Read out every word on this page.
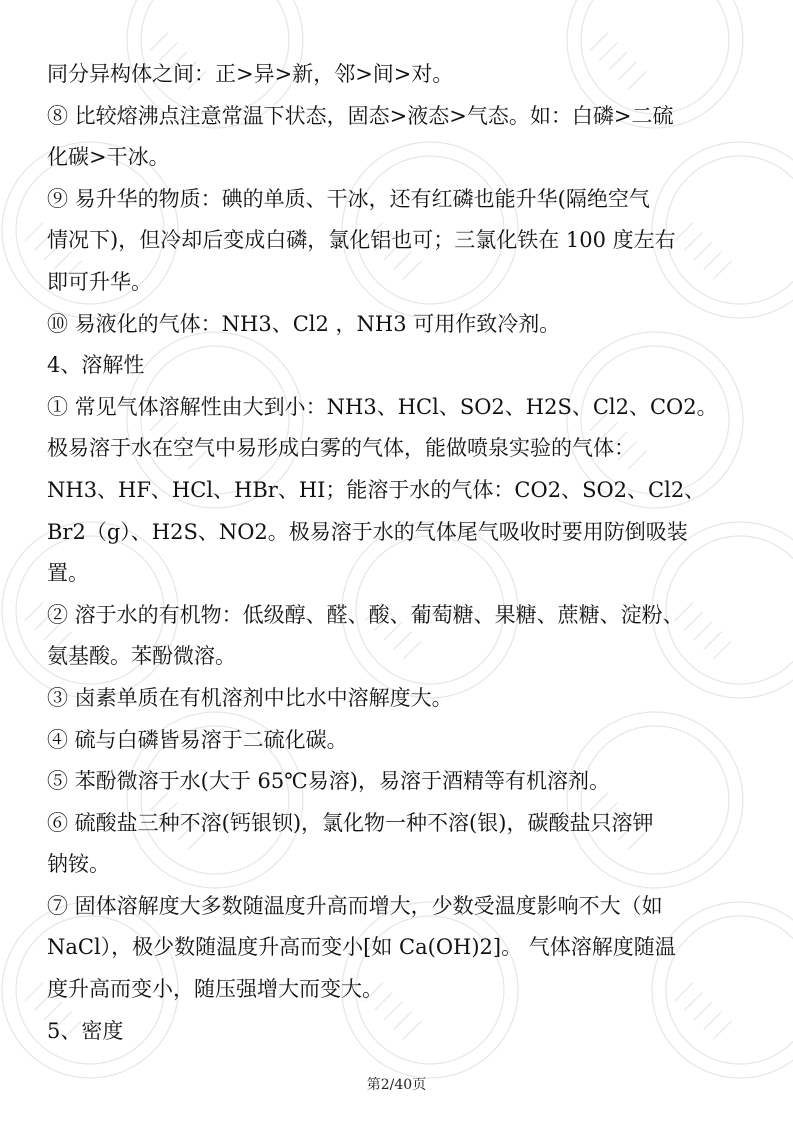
同分异构体之间：正>异>新，邻>间>对。
⑧ 比较熔沸点注意常温下状态，固态>液态>气态。如：白磷>二硫
化碳>干冰。
⑨ 易升华的物质：碘的单质、干冰，还有红磷也能升华(隔绝空气
情况下)，但冷却后变成白磷，氯化铝也可；三氯化铁在 100 度左右
即可升华。
⑩ 易液化的气体：NH3、Cl2 ，NH3 可用作致冷剂。
4、溶解性
① 常见气体溶解性由大到小：NH3、HCl、SO2、H2S、Cl2、CO2。
极易溶于水在空气中易形成白雾的气体，能做喷泉实验的气体：
NH3、HF、HCl、HBr、HI；能溶于水的气体：CO2、SO2、Cl2、
Br2（g）、H2S、NO2。极易溶于水的气体尾气吸收时要用防倒吸装
置。
② 溶于水的有机物：低级醇、醛、酸、葡萄糖、果糖、蔗糖、淀粉、
氨基酸。苯酚微溶。
③ 卤素单质在有机溶剂中比水中溶解度大。
④ 硫与白磷皆易溶于二硫化碳。
⑤ 苯酚微溶于水(大于 65℃易溶)，易溶于酒精等有机溶剂。
⑥ 硫酸盐三种不溶(钙银钡)，氯化物一种不溶(银)，碳酸盐只溶钾
钠铵。
⑦ 固体溶解度大多数随温度升高而增大，少数受温度影响不大（如
NaCl），极少数随温度升高而变小[如 Ca(OH)2]。 气体溶解度随温
度升高而变小，随压强增大而变大。
5、密度
第2/40页
